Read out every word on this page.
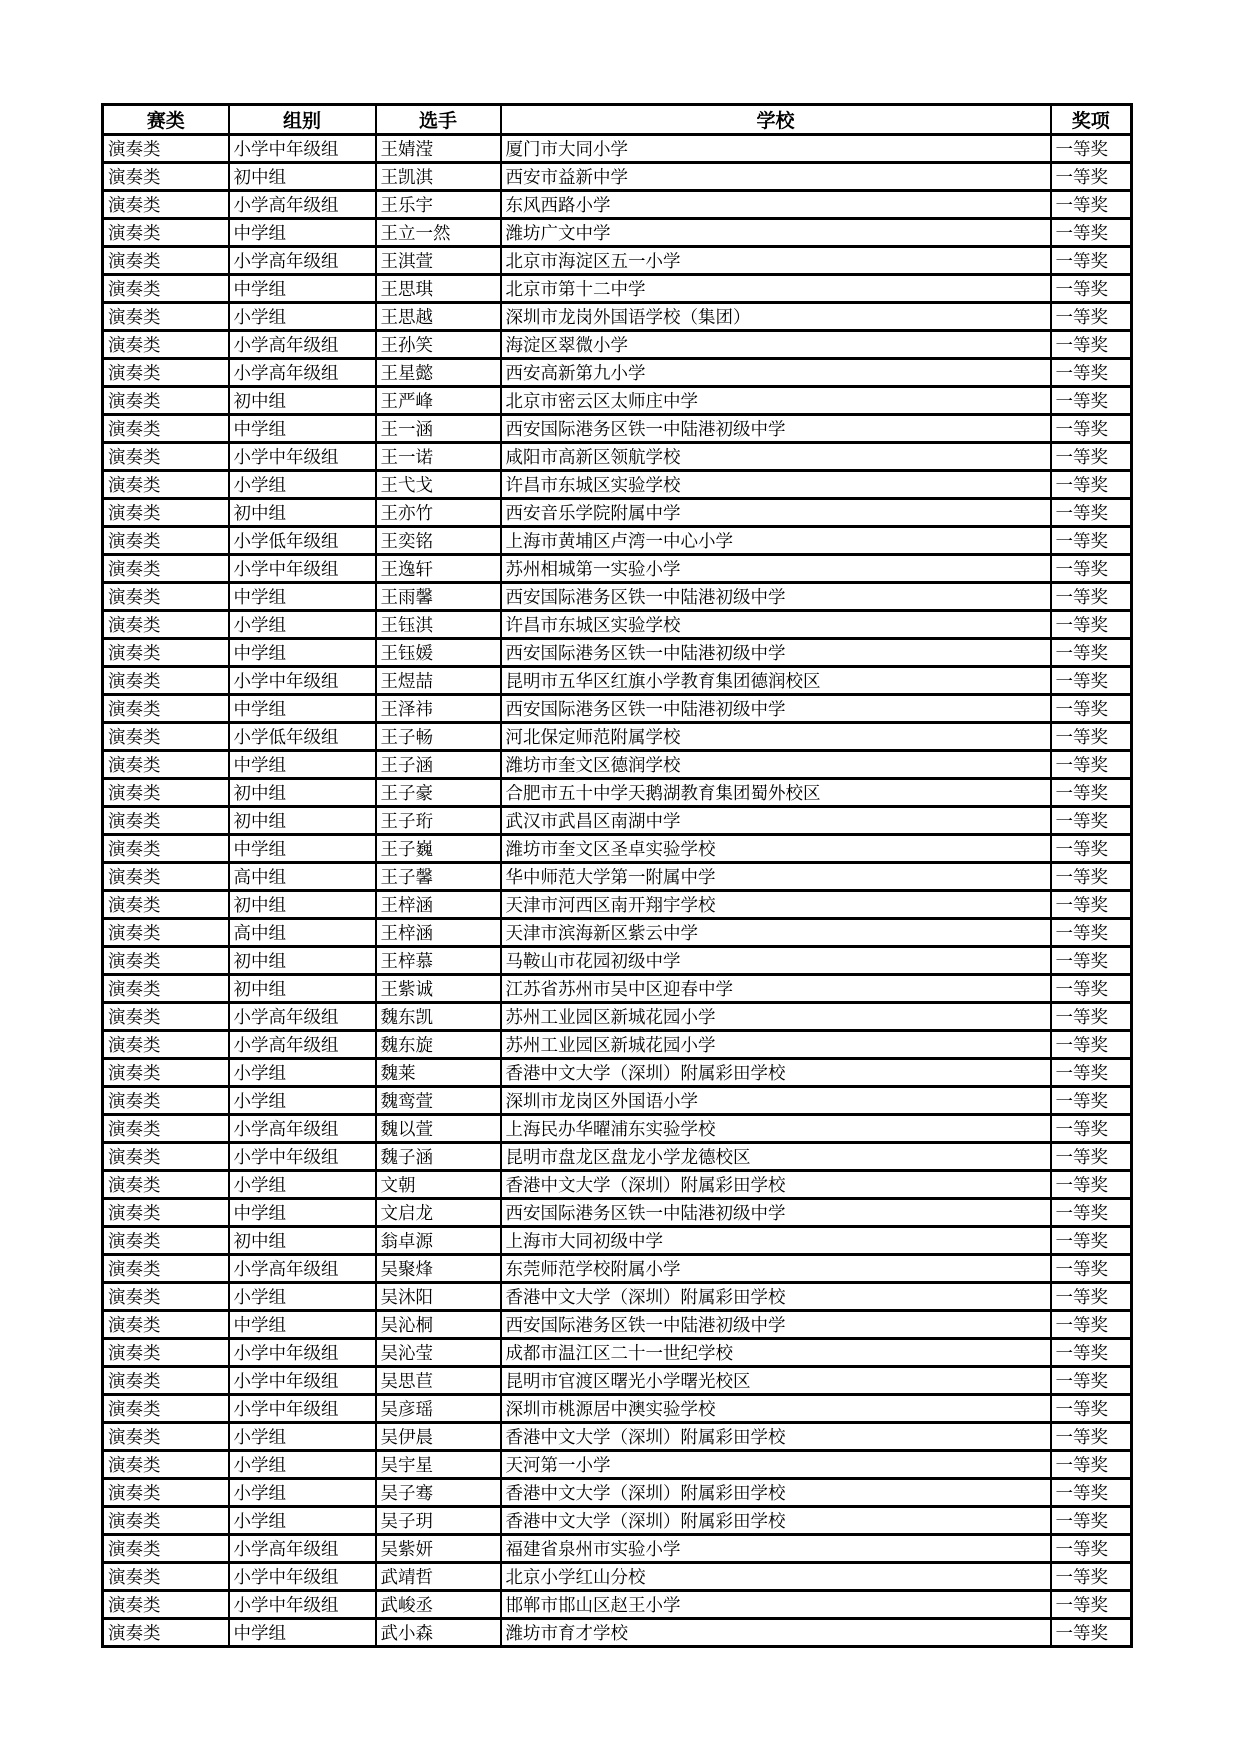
赛类	组别	选手	学校	奖项
演奏类	小学中年级组	王婧滢	厦门市大同小学	一等奖
演奏类	初中组	王凯淇	西安市益新中学	一等奖
演奏类	小学高年级组	王乐宇	东风西路小学	一等奖
演奏类	中学组	王立一然	潍坊广文中学	一等奖
演奏类	小学高年级组	王淇萱	北京市海淀区五一小学	一等奖
演奏类	中学组	王思琪	北京市第十二中学	一等奖
演奏类	小学组	王思越	深圳市龙岗外国语学校（集团）	一等奖
演奏类	小学高年级组	王孙笑	海淀区翠微小学	一等奖
演奏类	小学高年级组	王星懿	西安高新第九小学	一等奖
演奏类	初中组	王严峰	北京市密云区太师庄中学	一等奖
演奏类	中学组	王一涵	西安国际港务区铁一中陆港初级中学	一等奖
演奏类	小学中年级组	王一诺	咸阳市高新区领航学校	一等奖
演奏类	小学组	王弋戈	许昌市东城区实验学校	一等奖
演奏类	初中组	王亦竹	西安音乐学院附属中学	一等奖
演奏类	小学低年级组	王奕铭	上海市黄埔区卢湾一中心小学	一等奖
演奏类	小学中年级组	王逸轩	苏州相城第一实验小学	一等奖
演奏类	中学组	王雨馨	西安国际港务区铁一中陆港初级中学	一等奖
演奏类	小学组	王钰淇	许昌市东城区实验学校	一等奖
演奏类	中学组	王钰媛	西安国际港务区铁一中陆港初级中学	一等奖
演奏类	小学中年级组	王煜喆	昆明市五华区红旗小学教育集团德润校区	一等奖
演奏类	中学组	王泽祎	西安国际港务区铁一中陆港初级中学	一等奖
演奏类	小学低年级组	王子畅	河北保定师范附属学校	一等奖
演奏类	中学组	王子涵	潍坊市奎文区德润学校	一等奖
演奏类	初中组	王子豪	合肥市五十中学天鹅湖教育集团蜀外校区	一等奖
演奏类	初中组	王子珩	武汉市武昌区南湖中学	一等奖
演奏类	中学组	王子巍	潍坊市奎文区圣卓实验学校	一等奖
演奏类	高中组	王子馨	华中师范大学第一附属中学	一等奖
演奏类	初中组	王梓涵	天津市河西区南开翔宇学校	一等奖
演奏类	高中组	王梓涵	天津市滨海新区紫云中学	一等奖
演奏类	初中组	王梓慕	马鞍山市花园初级中学	一等奖
演奏类	初中组	王紫诚	江苏省苏州市吴中区迎春中学	一等奖
演奏类	小学高年级组	魏东凯	苏州工业园区新城花园小学	一等奖
演奏类	小学高年级组	魏东旋	苏州工业园区新城花园小学	一等奖
演奏类	小学组	魏莱	香港中文大学（深圳）附属彩田学校	一等奖
演奏类	小学组	魏鸾萱	深圳市龙岗区外国语小学	一等奖
演奏类	小学高年级组	魏以萱	上海民办华曜浦东实验学校	一等奖
演奏类	小学中年级组	魏子涵	昆明市盘龙区盘龙小学龙德校区	一等奖
演奏类	小学组	文朝	香港中文大学（深圳）附属彩田学校	一等奖
演奏类	中学组	文启龙	西安国际港务区铁一中陆港初级中学	一等奖
演奏类	初中组	翁卓源	上海市大同初级中学	一等奖
演奏类	小学高年级组	吴聚烽	东莞师范学校附属小学	一等奖
演奏类	小学组	吴沐阳	香港中文大学（深圳）附属彩田学校	一等奖
演奏类	中学组	吴沁桐	西安国际港务区铁一中陆港初级中学	一等奖
演奏类	小学中年级组	吴沁莹	成都市温江区二十一世纪学校	一等奖
演奏类	小学中年级组	吴思苣	昆明市官渡区曙光小学曙光校区	一等奖
演奏类	小学中年级组	吴彦瑶	深圳市桃源居中澳实验学校	一等奖
演奏类	小学组	吴伊晨	香港中文大学（深圳）附属彩田学校	一等奖
演奏类	小学组	吴宇星	天河第一小学	一等奖
演奏类	小学组	吴子骞	香港中文大学（深圳）附属彩田学校	一等奖
演奏类	小学组	吴子玥	香港中文大学（深圳）附属彩田学校	一等奖
演奏类	小学高年级组	吴紫妍	福建省泉州市实验小学	一等奖
演奏类	小学中年级组	武靖哲	北京小学红山分校	一等奖
演奏类	小学中年级组	武峻丞	邯郸市邯山区赵王小学	一等奖
演奏类	中学组	武小森	潍坊市育才学校	一等奖
